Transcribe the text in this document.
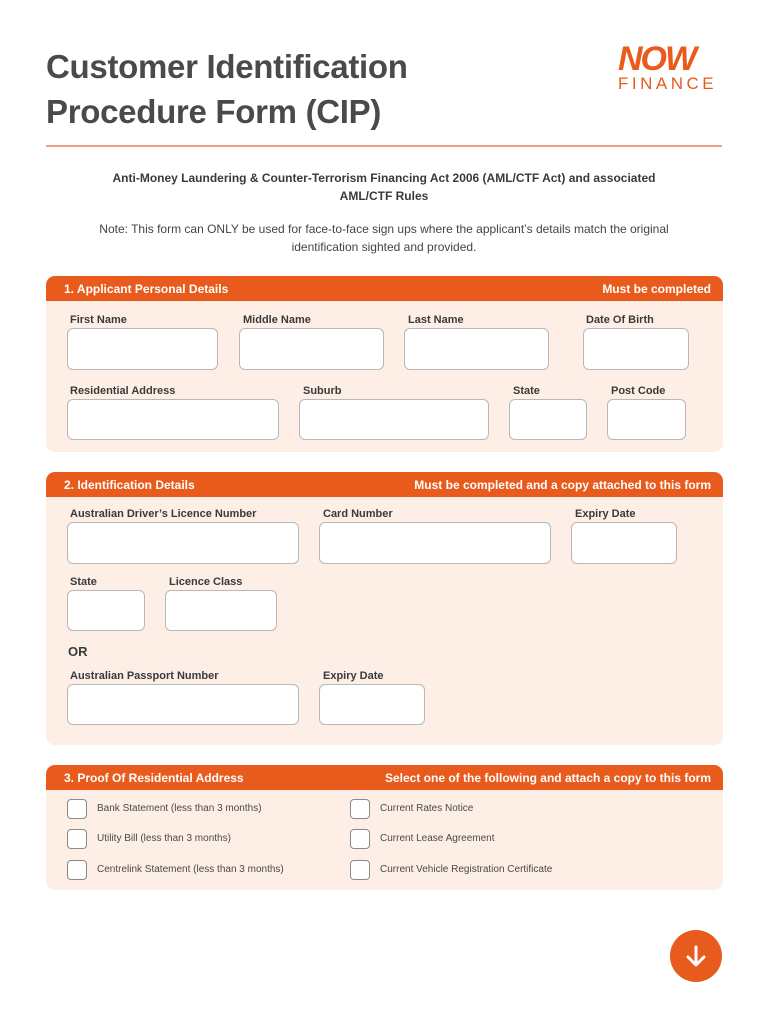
Customer Identification
Procedure Form (CIP)
NOW
FINANCE
Anti-Money Laundering & Counter-Terrorism Financing Act 2006 (AML/CTF Act) and associated
AML/CTF Rules
Note: This form can ONLY be used for face-to-face sign ups where the applicant’s details match the original
identification sighted and provided.
1. Applicant Personal Details	Must be completed
First Name	Middle Name	Last Name	Date Of Birth
Residential Address	Suburb	State	Post Code
2. Identification Details	Must be completed and a copy attached to this form
Australian Driver’s Licence Number	Card Number	Expiry Date
State	Licence Class
OR
Australian Passport Number	Expiry Date
3. Proof Of Residential Address	Select one of the following and attach a copy to this form
Bank Statement (less than 3 months)
Utility Bill (less than 3 months)
Centrelink Statement (less than 3 months)
Current Rates Notice
Current Lease Agreement
Current Vehicle Registration Certificate
